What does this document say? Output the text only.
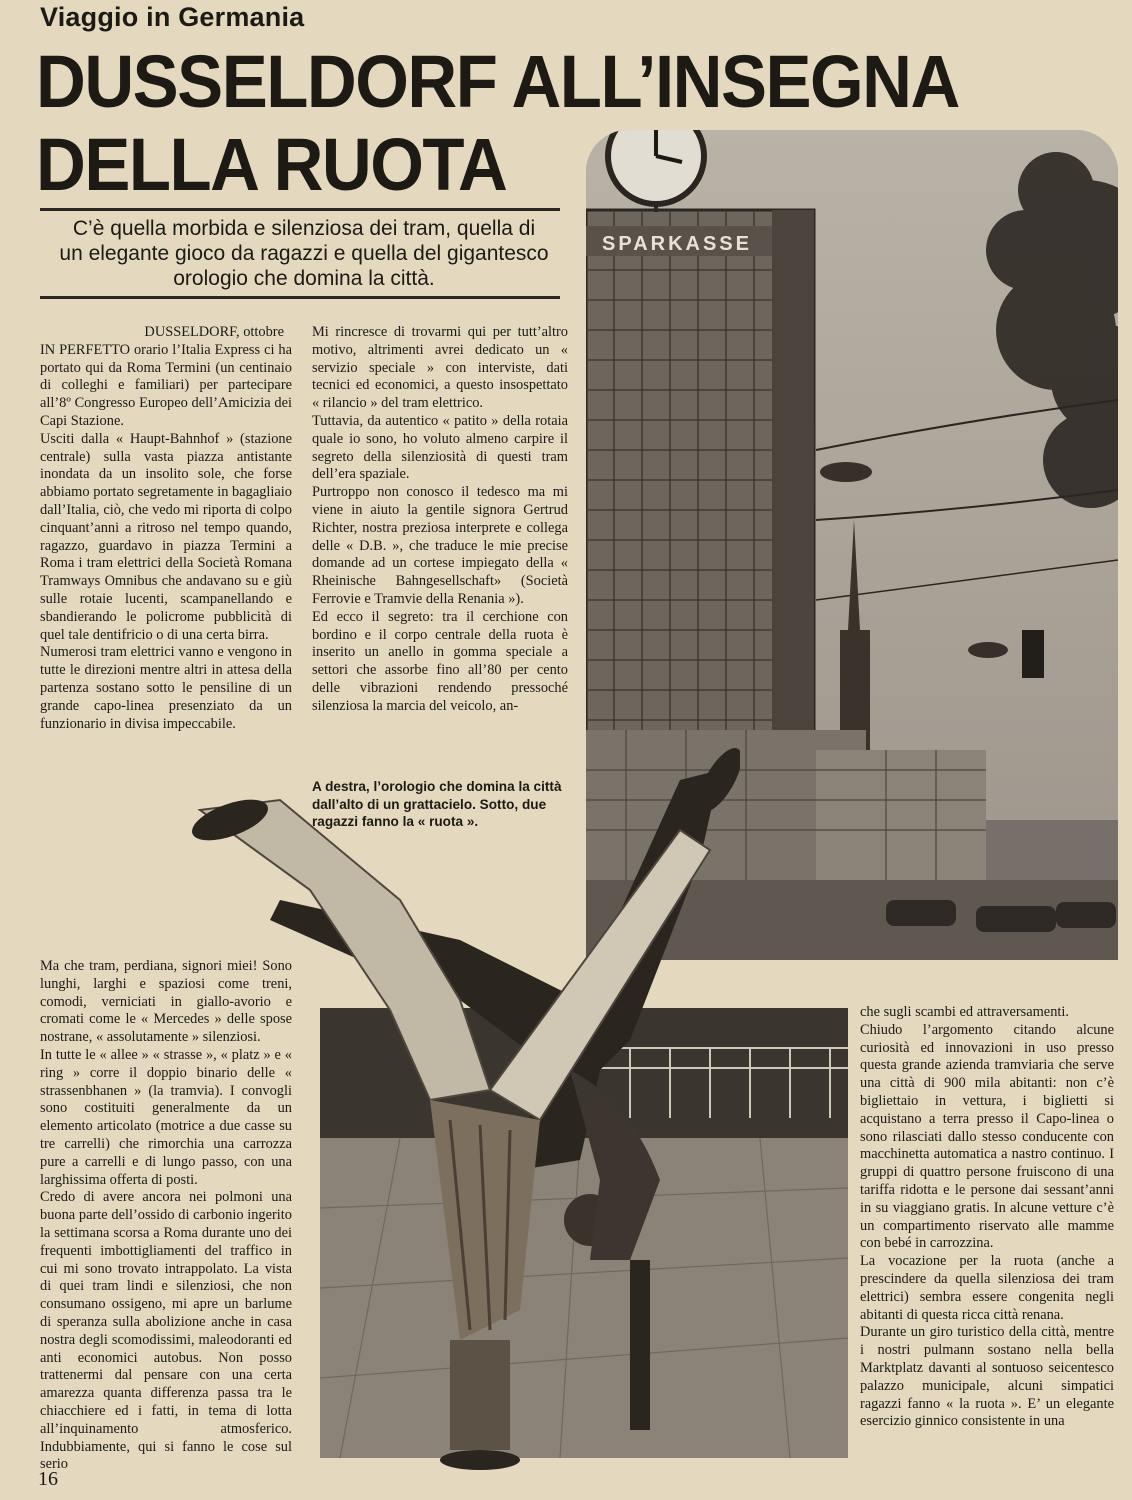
SPARKASSE
Viaggio in Germania
DUSSELDORF ALL’INSEGNA
DELLA RUOTA
C’è quella morbida e silenziosa dei tram, quella di
un elegante gioco da ragazzi e quella del gigantesco
orologio che domina la città.

DUSSELDORF, ottobre

IN PERFETTO orario l’Italia Express ci ha portato qui da Roma Termini (un centinaio di colleghi e familiari) per partecipare all’8º Congresso Europeo dell’Amicizia dei Capi Stazione.

Usciti dalla « Haupt-Bahnhof » (stazione centrale) sulla vasta piazza antistante inondata da un insolito sole, che forse abbiamo portato segretamente in bagagliaio dall’Italia, ciò, che vedo mi riporta di colpo cinquant’anni a ritroso nel tempo quando, ragazzo, guardavo in piazza Termini a Roma i tram elettrici della Società Romana Tramways Omnibus che andavano su e giù sulle rotaie lucenti, scampanellando e sbandierando le policrome pubblicità di quel tale dentifricio o di una certa birra.

Numerosi tram elettrici vanno e vengono in tutte le direzioni mentre altri in attesa della partenza sostano sotto le pensiline di un grande capo-linea presenziato da un funzionario in divisa impeccabile.

Mi rincresce di trovarmi qui per tutt’altro motivo, altrimenti avrei dedicato un « servizio speciale » con interviste, dati tecnici ed economici, a questo insospettato « rilancio » del tram elettrico.

Tuttavia, da autentico « patito » della rotaia quale io sono, ho voluto almeno carpire il segreto della silenziosità di questi tram dell’era spaziale.

Purtroppo non conosco il tedesco ma mi viene in aiuto la gentile signora Gertrud Richter, nostra preziosa interprete e collega delle « D.B. », che traduce le mie precise domande ad un cortese impiegato della « Rheinische Bahngesellschaft» (Società Ferrovie e Tramvie della Renania »).

Ed ecco il segreto: tra il cerchione con bordino e il corpo centrale della ruota è inserito un anello in gomma speciale a settori che assorbe fino all’80 per cento delle vibrazioni rendendo pressoché silenziosa la marcia del veicolo, an-

A destra, l’orologio che domina la città dall’alto di un grattacielo. Sotto, due ragazzi fanno la « ruota ».

Ma che tram, perdiana, signori miei! Sono lunghi, larghi e spaziosi come treni, comodi, verniciati in giallo-avorio e cromati come le « Mercedes » delle spose nostrane, « assolutamente » silenziosi.

In tutte le « allee » « strasse », « platz » e « ring » corre il doppio binario delle « strassenbhanen » (la tramvia). I convogli sono costituiti generalmente da un elemento articolato (motrice a due casse su tre carrelli) che rimorchia una carrozza pure a carrelli e di lungo passo, con una larghissima offerta di posti.

Credo di avere ancora nei polmoni una buona parte dell’ossido di carbonio ingerito la settimana scorsa a Roma durante uno dei frequenti imbottigliamenti del traffico in cui mi sono trovato intrappolato. La vista di quei tram lindi e silenziosi, che non consumano ossigeno, mi apre un barlume di speranza sulla abolizione anche in casa nostra degli scomodissimi, maleodoranti ed anti economici autobus. Non posso trattenermi dal pensare con una certa amarezza quanta differenza passa tra le chiacchiere ed i fatti, in tema di lotta all’inquinamento atmosferico. Indubbiamente, qui si fanno le cose sul serio

che sugli scambi ed attraversamenti.

Chiudo l’argomento citando alcune curiosità ed innovazioni in uso presso questa grande azienda tramviaria che serve una città di 900 mila abitanti: non c’è bigliettaio in vettura, i biglietti si acquistano a terra presso il Capo-linea o sono rilasciati dallo stesso conducente con macchinetta automatica a nastro continuo. I gruppi di quattro persone fruiscono di una tariffa ridotta e le persone dai sessant’anni in su viaggiano gratis. In alcune vetture c’è un compartimento riservato alle mamme con bebé in carrozzina.

La vocazione per la ruota (anche a prescindere da quella silenziosa dei tram elettrici) sembra essere congenita negli abitanti di questa ricca città renana.

Durante un giro turistico della città, mentre i nostri pulmann sostano nella bella Marktplatz davanti al sontuoso seicentesco palazzo municipale, alcuni simpatici ragazzi fanno « la ruota ». E’ un elegante esercizio ginnico consistente in una

16
